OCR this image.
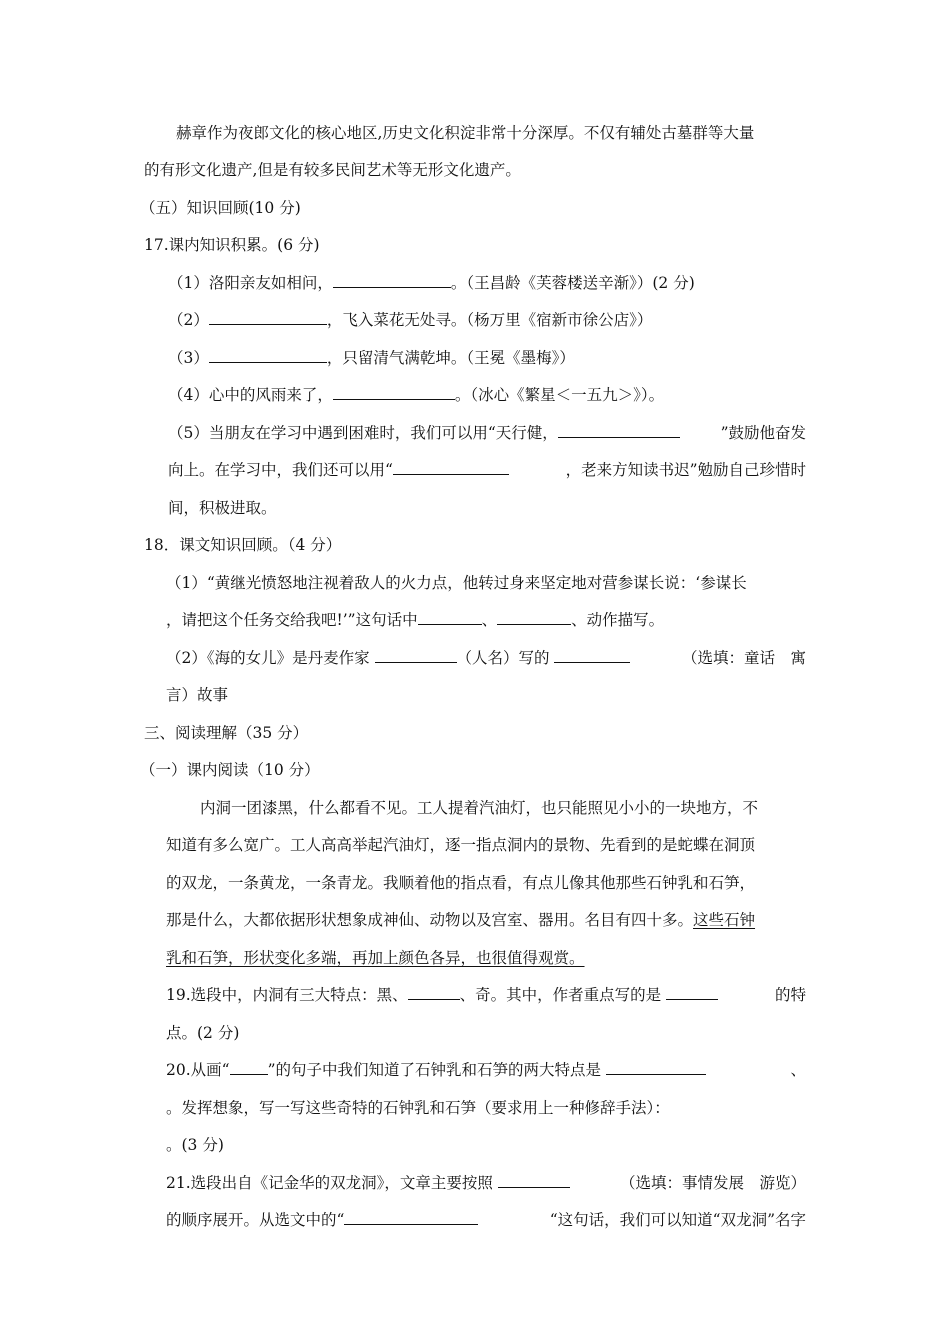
赫章作为夜郎文化的核心地区,历史文化积淀非常十分深厚。不仅有辅处古墓群等大量
的有形文化遗产,但是有较多民间艺术等无形文化遗产。
（五）知识回顾(10 分)
17.课内知识积累。(6 分)
（1）洛阳亲友如相问，	。（王昌龄《芙蓉楼送辛渐》）(2 分)
（2）	，飞入菜花无处寻。（杨万里《宿新市徐公店》）
（3）	，只留清气满乾坤。（王冕《墨梅》）
（4）心中的风雨来了，	。（冰心《繁星＜一五九＞》）。
（5）当朋友在学习中遇到困难时，我们可以用“天行健，	”鼓励他奋发
向上。在学习中，我们还可以用“	，老来方知读书迟”勉励自己珍惜时
间，积极进取。
18．课文知识回顾。（4 分）
（1）“黄继光愤怒地注视着敌人的火力点，他转过身来坚定地对营参谋长说：‘参谋长
，请把这个任务交给我吧!’”这句话中	、	、动作描写。
（2）《海的女儿》是丹麦作家	（人名）写的	（选填：童话　寓
言）故事
三、阅读理解（35 分）
（一）课内阅读（10 分）
内洞一团漆黑，什么都看不见。工人提着汽油灯，也只能照见小小的一块地方，不
知道有多么宽广。工人高高举起汽油灯，逐一指点洞内的景物、先看到的是蛇蝶在洞顶
的双龙，一条黄龙，一条青龙。我顺着他的指点看，有点儿像其他那些石钟乳和石笋，
那是什么，大都依据形状想象成神仙、动物以及宫室、器用。名目有四十多。这些石钟
乳和石笋，形状变化多端，再加上颜色各异，也很值得观赏。
19.选段中，内洞有三大特点：黑、	、奇。其中，作者重点写的是	的特
点。(2 分)
20.从画“ ”的句子中我们知道了石钟乳和石笋的两大特点是	、
。发挥想象，写一写这些奇特的石钟乳和石笋（要求用上一种修辞手法）：
。(3 分)
21.选段出自《记金华的双龙洞》，文章主要按照	（选填：事情发展　游览）
的顺序展开。从选文中的“	“这句话，我们可以知道“双龙洞”名字
